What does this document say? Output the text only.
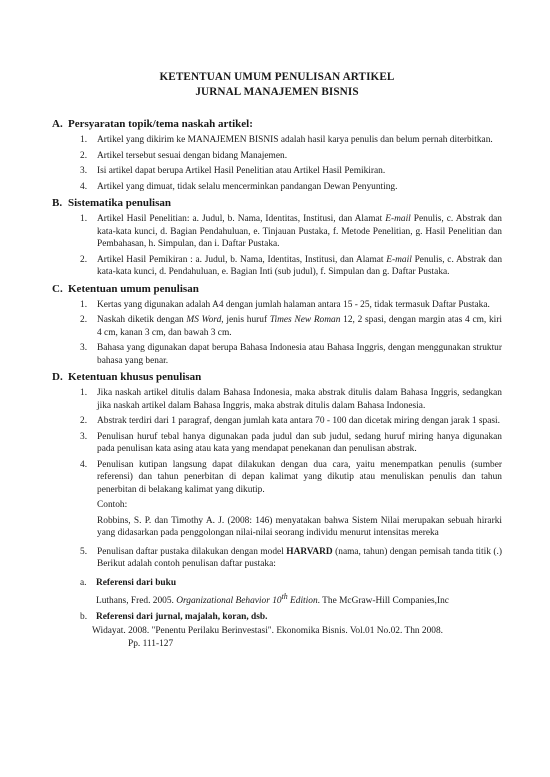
KETENTUAN UMUM PENULISAN ARTIKEL
JURNAL MANAJEMEN BISNIS
A. Persyaratan topik/tema naskah artikel:
1.	Artikel yang dikirim ke MANAJEMEN BISNIS adalah hasil karya penulis dan belum pernah diterbitkan.
2.	Artikel tersebut sesuai dengan bidang Manajemen.
3.	Isi artikel dapat berupa Artikel Hasil Penelitian atau Artikel Hasil Pemikiran.
4.	Artikel yang dimuat, tidak selalu mencerminkan pandangan Dewan Penyunting.
B. Sistematika penulisan
1.	Artikel Hasil Penelitian: a. Judul, b. Nama, Identitas, Institusi, dan Alamat E-mail Penulis, c. Abstrak dan kata-kata kunci, d. Bagian Pendahuluan, e. Tinjauan Pustaka, f. Metode Penelitian, g. Hasil Penelitian dan Pembahasan, h. Simpulan, dan i. Daftar Pustaka.
2.	Artikel Hasil Pemikiran : a. Judul, b. Nama, Identitas, Institusi, dan Alamat E-mail Penulis, c. Abstrak dan kata-kata kunci, d. Pendahuluan, e. Bagian Inti (sub judul), f. Simpulan dan g. Daftar Pustaka.
C. Ketentuan umum penulisan
1.	Kertas yang digunakan adalah A4 dengan jumlah halaman antara 15 - 25, tidak termasuk Daftar Pustaka.
2.	Naskah diketik dengan MS Word, jenis huruf Times New Roman 12, 2 spasi, dengan margin atas 4 cm, kiri 4 cm, kanan 3 cm, dan bawah 3 cm.
3.	Bahasa yang digunakan dapat berupa Bahasa Indonesia atau Bahasa Inggris, dengan menggunakan struktur bahasa yang benar.
D. Ketentuan khusus penulisan
1.	Jika naskah artikel ditulis dalam Bahasa Indonesia, maka abstrak ditulis dalam Bahasa Inggris, sedangkan jika naskah artikel dalam Bahasa Inggris, maka abstrak ditulis dalam Bahasa Indonesia.
2.	Abstrak terdiri dari 1 paragraf, dengan jumlah kata antara 70 - 100 dan dicetak miring dengan jarak 1 spasi.
3.	Penulisan huruf tebal hanya digunakan pada judul dan sub judul, sedang huruf miring hanya digunakan pada penulisan kata asing atau kata yang mendapat penekanan dan penulisan abstrak.
4.	Penulisan kutipan langsung dapat dilakukan dengan dua cara, yaitu menempatkan penulis (sumber referensi) dan tahun penerbitan di depan kalimat yang dikutip atau menuliskan penulis dan tahun penerbitan di belakang kalimat yang dikutip.

Contoh:

Robbins, S. P. dan Timothy A. J. (2008: 146) menyatakan bahwa Sistem Nilai merupakan sebuah hirarki yang didasarkan pada penggolongan nilai-nilai seorang individu menurut intensitas mereka

5.	Penulisan daftar pustaka dilakukan dengan model HARVARD (nama, tahun) dengan pemisah tanda titik (.) Berikut adalah contoh penulisan daftar pustaka:

a.	Referensi dari buku
Luthans, Fred. 2005. Organizational Behavior 10th Edition. The McGraw-Hill Companies,Inc
b. Referensi dari jurnal, majalah, koran, dsb.
Widayat. 2008. "Penentu Perilaku Berinvestasi". Ekonomika Bisnis. Vol.01 No.02. Thn 2008.
Pp. 111-127
